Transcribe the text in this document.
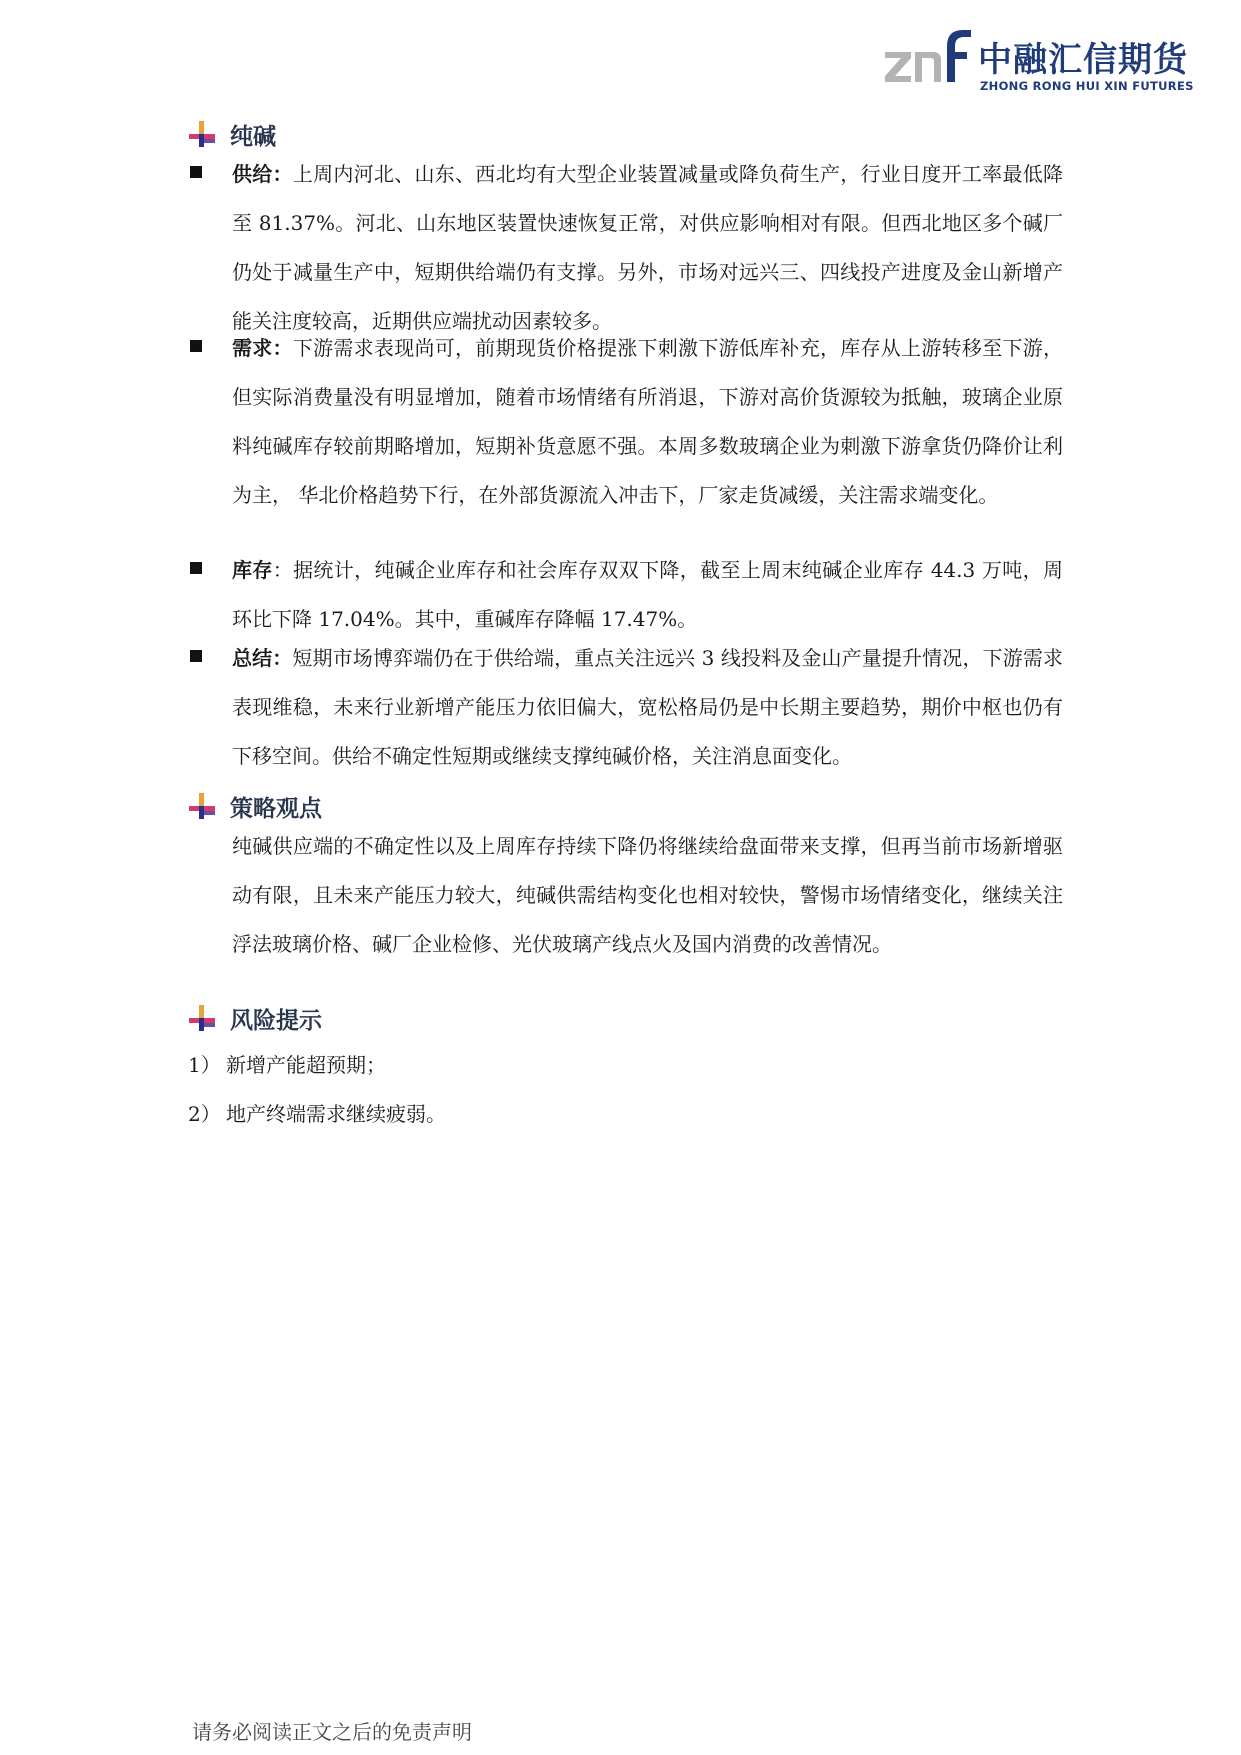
中融汇信期货
ZHONG RONG HUI XIN FUTURES
纯碱
供给：上周内河北、山东、西北均有大型企业装置减量或降负荷生产，行业日度开工率最低降至 81.37%。河北、山东地区装置快速恢复正常，对供应影响相对有限。但西北地区多个碱厂仍处于减量生产中，短期供给端仍有支撑。另外，市场对远兴三、四线投产进度及金山新增产能关注度较高，近期供应端扰动因素较多。
需求：下游需求表现尚可，前期现货价格提涨下刺激下游低库补充，库存从上游转移至下游，但实际消费量没有明显增加，随着市场情绪有所消退，下游对高价货源较为抵触，玻璃企业原料纯碱库存较前期略增加，短期补货意愿不强。本周多数玻璃企业为刺激下游拿货仍降价让利为主， 华北价格趋势下行，在外部货源流入冲击下，厂家走货减缓，关注需求端变化。
库存：据统计，纯碱企业库存和社会库存双双下降，截至上周末纯碱企业库存 44.3 万吨，周环比下降 17.04%。其中，重碱库存降幅 17.47%。
总结：短期市场博弈端仍在于供给端，重点关注远兴 3 线投料及金山产量提升情况，下游需求表现维稳，未来行业新增产能压力依旧偏大，宽松格局仍是中长期主要趋势，期价中枢也仍有下移空间。供给不确定性短期或继续支撑纯碱价格，关注消息面变化。
策略观点
纯碱供应端的不确定性以及上周库存持续下降仍将继续给盘面带来支撑，但再当前市场新增驱动有限，且未来产能压力较大，纯碱供需结构变化也相对较快，警惕市场情绪变化，继续关注浮法玻璃价格、碱厂企业检修、光伏玻璃产线点火及国内消费的改善情况。
风险提示
1） 新增产能超预期；
2） 地产终端需求继续疲弱。
请务必阅读正文之后的免责声明
